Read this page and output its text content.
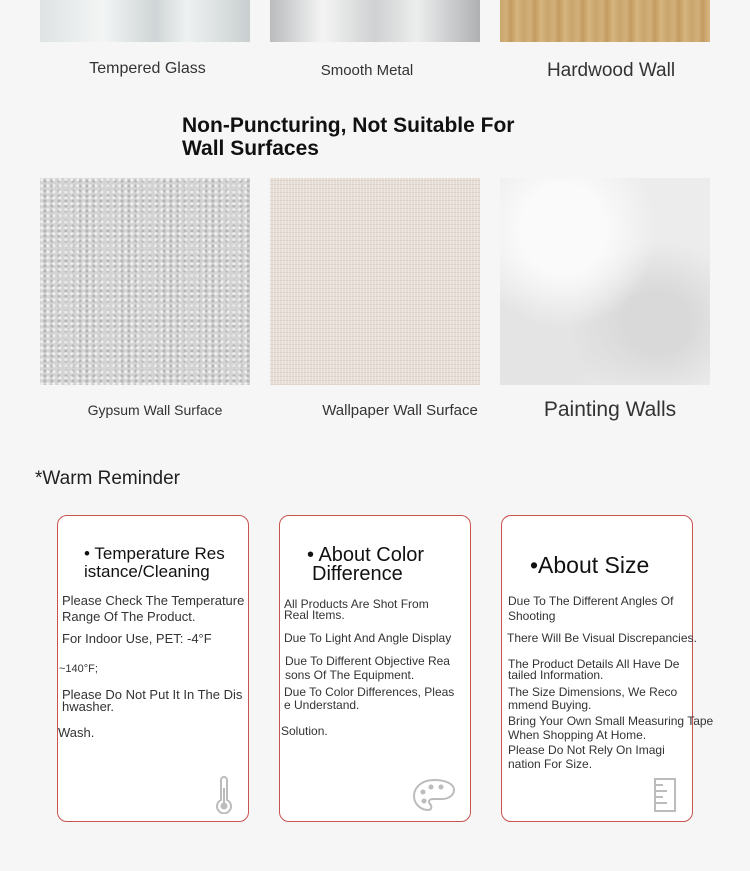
Tempered Glass	Smooth Metal	Hardwood Wall
Non-Puncturing, Not Suitable For
Wall Surfaces
Gypsum Wall Surface	Wallpaper Wall Surface	Painting Walls
*Warm Reminder
• Temperature Res
istance/Cleaning
Please Check The Temperature
Range Of The Product.
For Indoor Use, PET: -4°F
~140°F;
Please Do Not Put It In The Dis
hwasher.
Wash.
• About Color
Difference
All Products Are Shot From
Real Items.
Due To Light And Angle Display
Due To Different Objective Rea
sons Of The Equipment.
Due To Color Differences, Pleas
e Understand.
Solution.
•About Size
Due To The Different Angles Of
Shooting
There Will Be Visual Discrepancies.
The Product Details All Have De
tailed Information.
The Size Dimensions, We Reco
mmend Buying.
Bring Your Own Small Measuring Tape
When Shopping At Home.
Please Do Not Rely On Imagi
nation For Size.
